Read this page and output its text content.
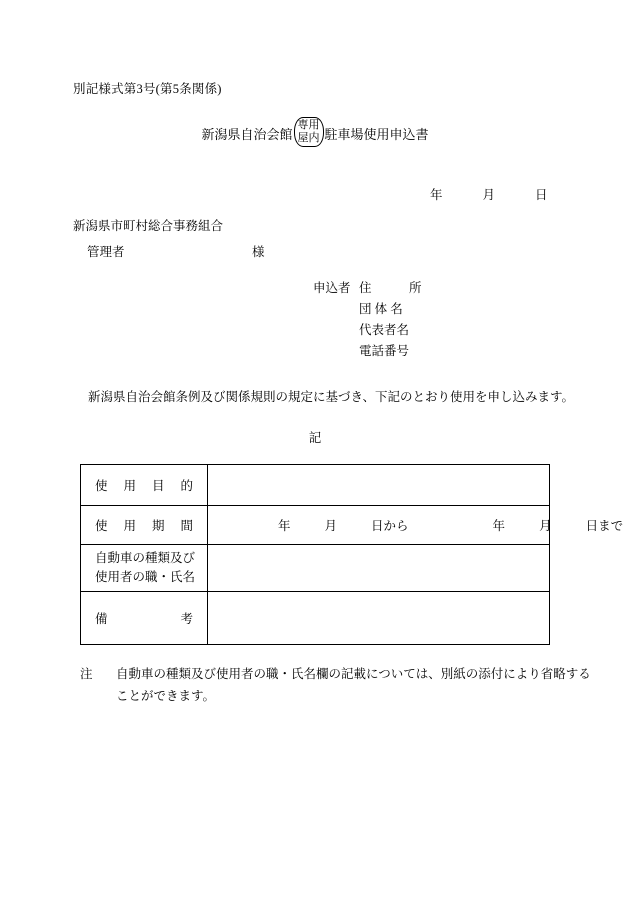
別記様式第3号(第5条関係)
新潟県自治会館
専用
屋内 駐車場使用申込書
年	月	日
新潟県市町村総合事務組合
管理者	様
申込者 住　　　所
団 体 名
代表者名
電話番号
新潟県自治会館条例及び関係規則の規定に基づき、下記のとおり使用を申し込みます。
記
使 用 目 的	

使 用 期 間	年 月 日から 年 月 日まで

自動車の種類及び
使用者の職・氏名	

備 考	

注 自動車の種類及び使用者の職・氏名欄の記載については、別紙の添付により省略する
ことができます。
